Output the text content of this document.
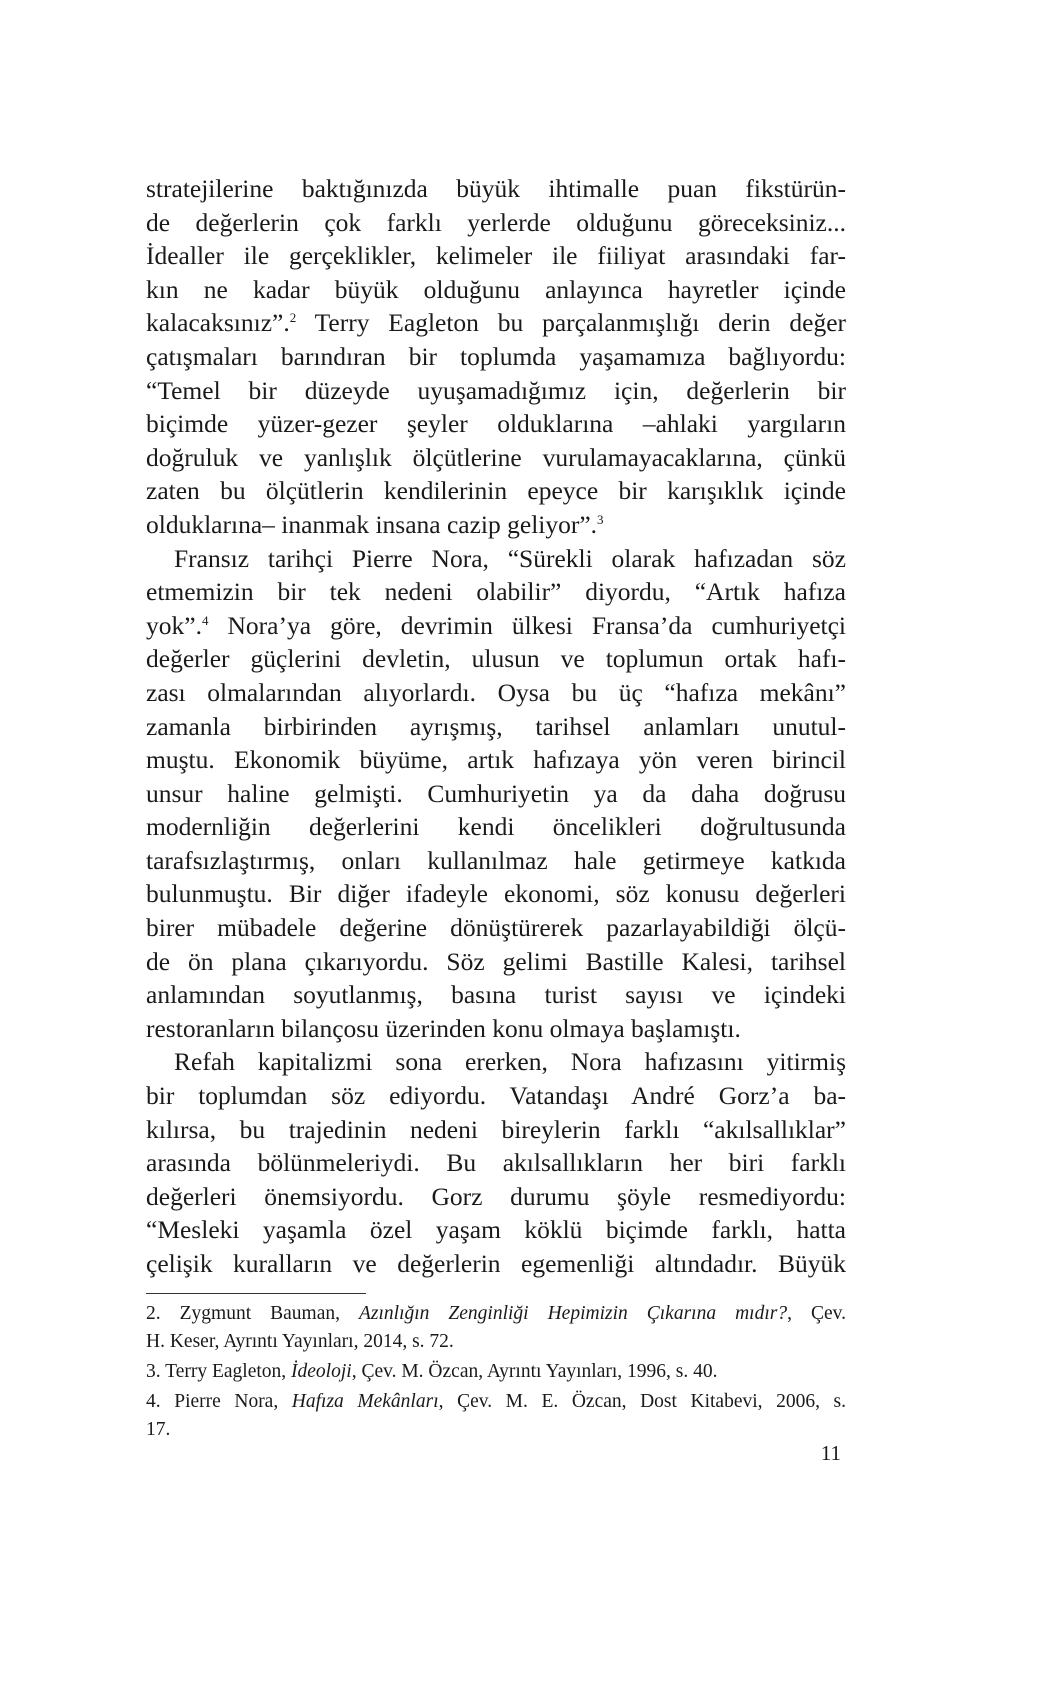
stratejilerine baktığınızda büyük ihtimalle puan fikstürün-
de değerlerin çok farklı yerlerde olduğunu göreceksiniz...
İdealler ile gerçeklikler, kelimeler ile fiiliyat arasındaki far-
kın ne kadar büyük olduğunu anlayınca hayretler içinde
kalacaksınız”.$^2$ Terry Eagleton bu parçalanmışlığı derin değer
çatışmaları barındıran bir toplumda yaşamamıza bağlıyordu:
“Temel bir düzeyde uyuşamadığımız için, değerlerin bir
biçimde yüzer-gezer şeyler olduklarına –ahlaki yargıların
doğruluk ve yanlışlık ölçütlerine vurulamayacaklarına, çünkü
zaten bu ölçütlerin kendilerinin epeyce bir karışıklık içinde
olduklarına– inanmak insana cazip geliyor”.$^3$
Fransız tarihçi Pierre Nora, “Sürekli olarak hafızadan söz
etmemizin bir tek nedeni olabilir” diyordu, “Artık hafıza
yok”.$^4$ Nora’ya göre, devrimin ülkesi Fransa’da cumhuriyetçi
değerler güçlerini devletin, ulusun ve toplumun ortak hafı-
zası olmalarından alıyorlardı. Oysa bu üç “hafıza mekânı”
zamanla birbirinden ayrışmış, tarihsel anlamları unutul-
muştu. Ekonomik büyüme, artık hafızaya yön veren birincil
unsur haline gelmişti. Cumhuriyetin ya da daha doğrusu
modernliğin değerlerini kendi öncelikleri doğrultusunda
tarafsızlaştırmış, onları kullanılmaz hale getirmeye katkıda
bulunmuştu. Bir diğer ifadeyle ekonomi, söz konusu değerleri
birer mübadele değerine dönüştürerek pazarlayabildiği ölçü-
de ön plana çıkarıyordu. Söz gelimi Bastille Kalesi, tarihsel
anlamından soyutlanmış, basına turist sayısı ve içindeki
restoranların bilançosu üzerinden konu olmaya başlamıştı.
Refah kapitalizmi sona ererken, Nora hafızasını yitirmiş
bir toplumdan söz ediyordu. Vatandaşı André Gorz’a ba-
kılırsa, bu trajedinin nedeni bireylerin farklı “akılsallıklar”
arasında bölünmeleriydi. Bu akılsallıkların her biri farklı
değerleri önemsiyordu. Gorz durumu şöyle resmediyordu:
“Mesleki yaşamla özel yaşam köklü biçimde farklı, hatta
çelişik kuralların ve değerlerin egemenliği altındadır. Büyük
2. Zygmunt Bauman, Azınlığın Zenginliği Hepimizin Çıkarına mıdır?, Çev.
H. Keser, Ayrıntı Yayınları, 2014, s. 72.
3. Terry Eagleton, İdeoloji, Çev. M. Özcan, Ayrıntı Yayınları, 1996, s. 40.
4. Pierre Nora, Hafıza Mekânları, Çev. M. E. Özcan, Dost Kitabevi, 2006, s.
17.
11
